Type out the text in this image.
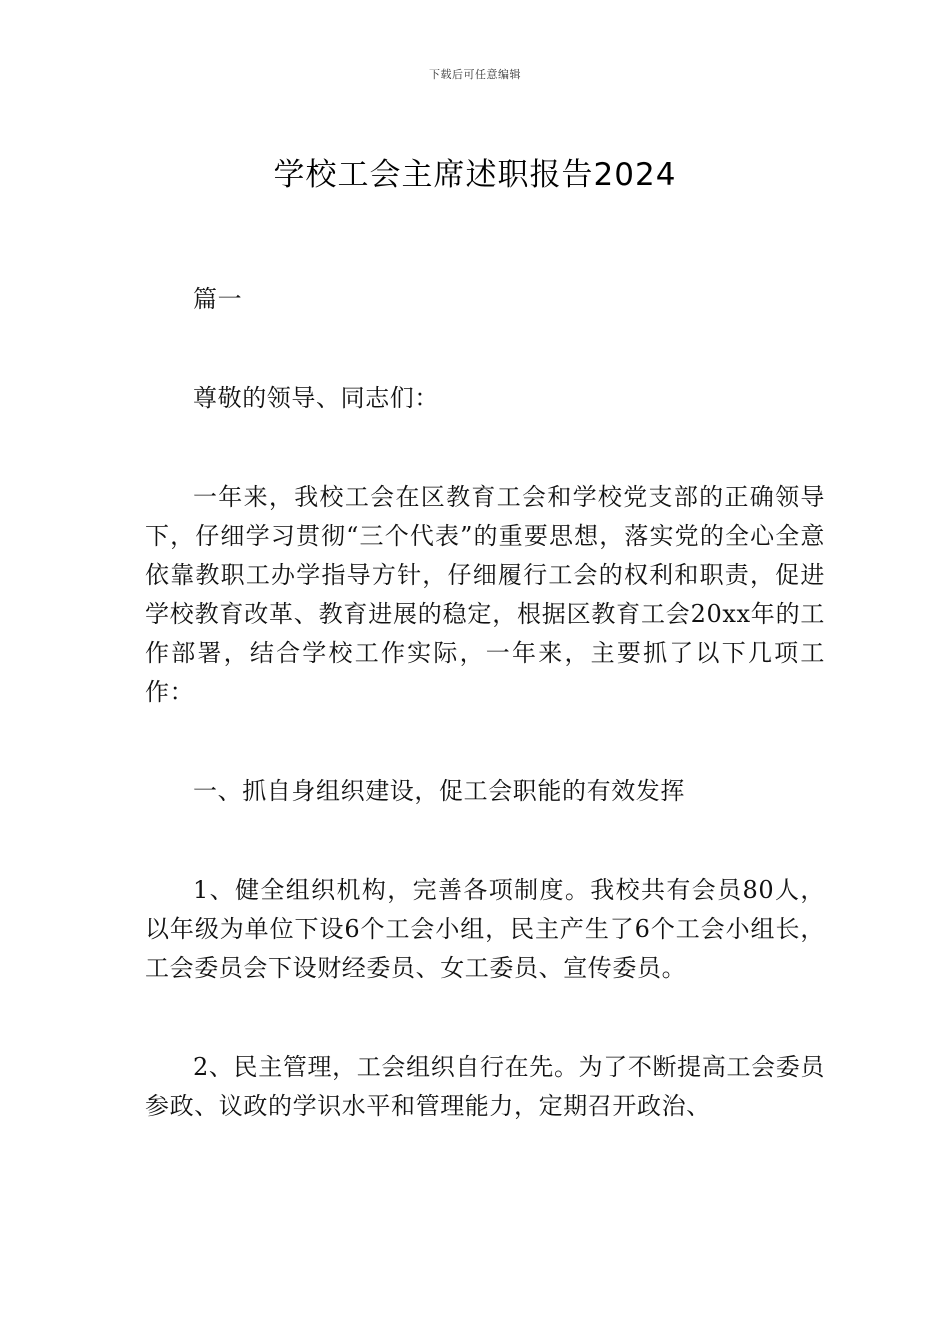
下载后可任意编辑
学校工会主席述职报告2024

篇一

尊敬的领导、同志们：

一年来，我校工会在区教育工会和学校党支部的正确领导下，仔细学习贯彻“三个代表”的重要思想，落实党的全心全意依靠教职工办学指导方针，仔细履行工会的权利和职责，促进学校教育改革、教育进展的稳定，根据区教育工会20xx年的工作部署，结合学校工作实际，一年来，主要抓了以下几项工作：

一、抓自身组织建设，促工会职能的有效发挥

1、健全组织机构，完善各项制度。我校共有会员80人，以年级为单位下设6个工会小组，民主产生了6个工会小组长，工会委员会下设财经委员、女工委员、宣传委员。

2、民主管理，工会组织自行在先。为了不断提高工会委员参政、议政的学识水平和管理能力，定期召开政治、
